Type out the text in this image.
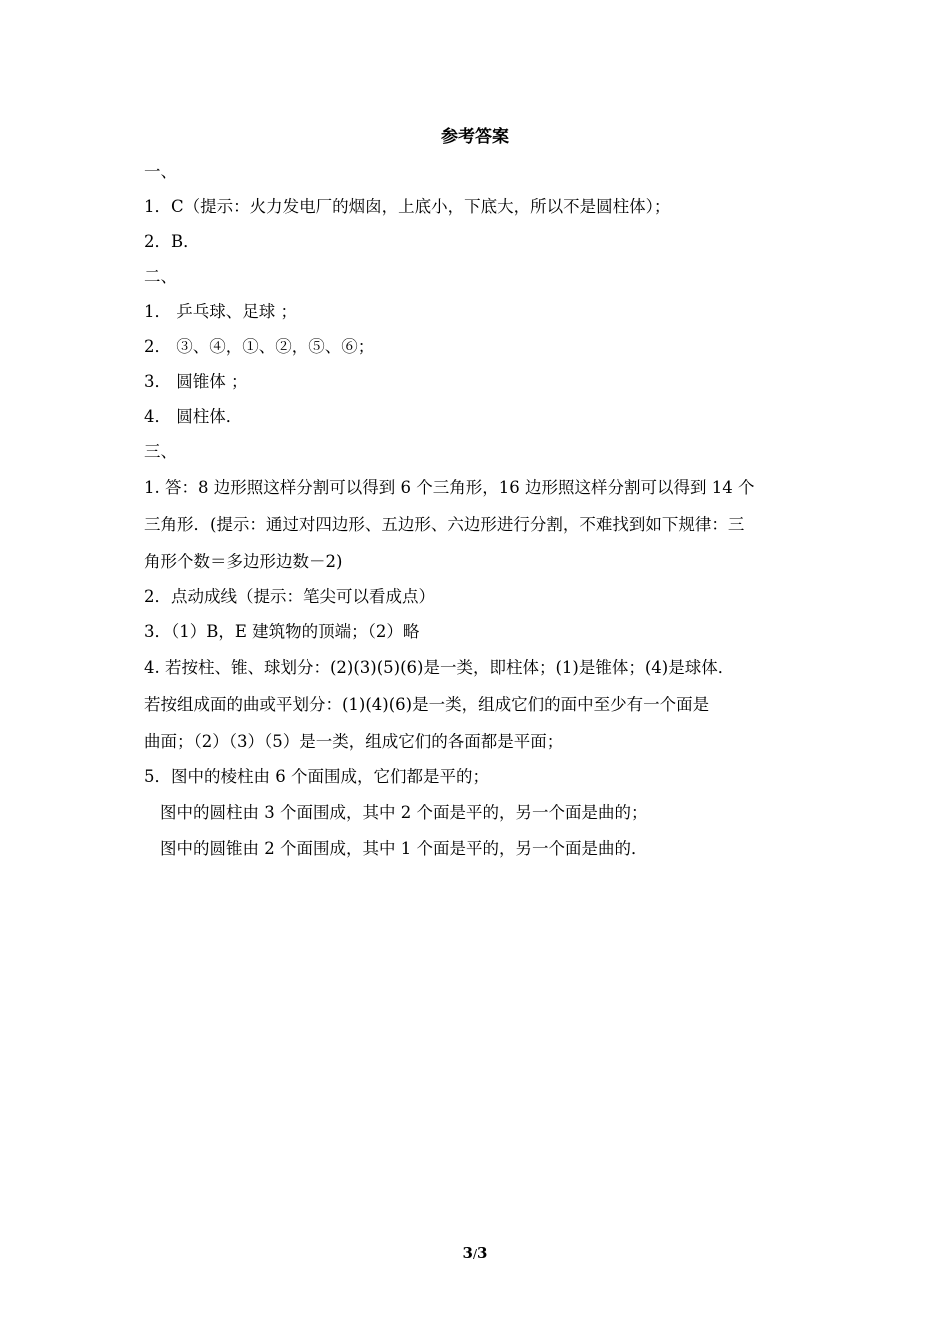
参考答案
一、
1．C（提示：火力发电厂的烟囱，上底小，下底大，所以不是圆柱体）；
2．B．
二、
1． 乒乓球、足球 ；
2． ③、④，①、②，⑤、⑥；
3． 圆锥体 ；
4． 圆柱体．
三、
1. 答：8 边形照这样分割可以得到 6 个三角形，16 边形照这样分割可以得到 14 个
三角形．(提示：通过对四边形、五边形、六边形进行分割，不难找到如下规律：三
角形个数＝多边形边数－2)
2．点动成线（提示：笔尖可以看成点）
3．（1）B，E 建筑物的顶端；（2）略
4. 若按柱、锥、球划分：(2)(3)(5)(6)是一类，即柱体；(1)是锥体；(4)是球体．
若按组成面的曲或平划分：(1)(4)(6)是一类，组成它们的面中至少有一个面是
曲面；（2）（3）（5）是一类，组成它们的各面都是平面；
5．图中的棱柱由 6 个面围成，它们都是平的；
图中的圆柱由 3 个面围成，其中 2 个面是平的，另一个面是曲的；
图中的圆锥由 2 个面围成，其中 1 个面是平的，另一个面是曲的．
3/3
